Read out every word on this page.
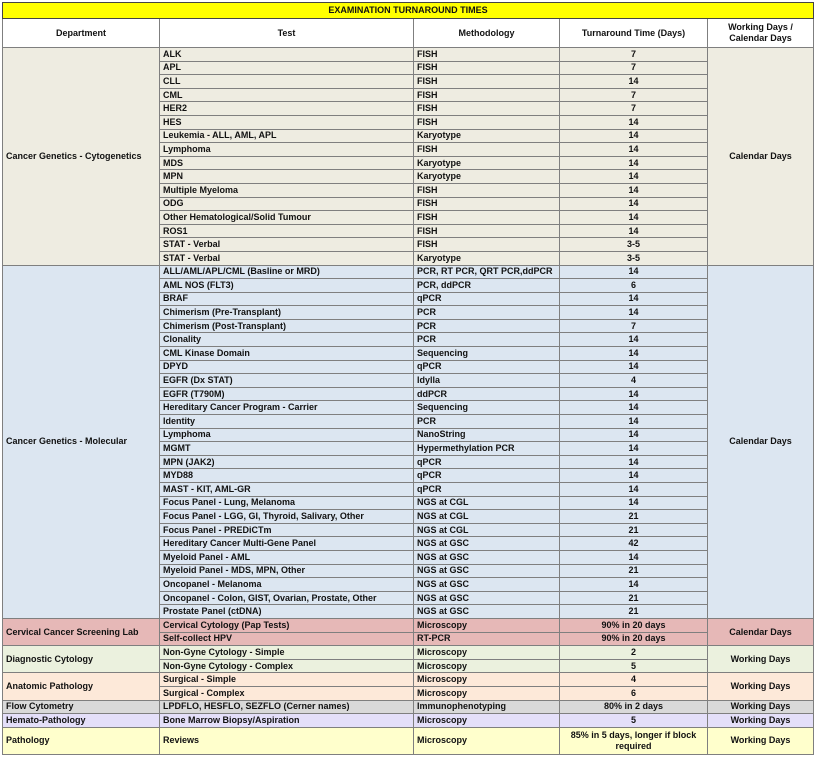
EXAMINATION TURNAROUND TIMES				
Department	Test	Methodology	Turnaround Time (Days)	Working Days / Calendar Days
Cancer Genetics - Cytogenetics	ALK	FISH	7	Calendar Days
	APL	FISH	7	
	CLL	FISH	14	
	CML	FISH	7	
	HER2	FISH	7	
	HES	FISH	14	
	Leukemia - ALL, AML, APL	Karyotype	14	
	Lymphoma	FISH	14	
	MDS	Karyotype	14	
	MPN	Karyotype	14	
	Multiple Myeloma	FISH	14	
	ODG	FISH	14	
	Other Hematological/Solid Tumour	FISH	14	
	ROS1	FISH	14	
	STAT - Verbal	FISH	3-5	
	STAT - Verbal	Karyotype	3-5	
Cancer Genetics - Molecular	ALL/AML/APL/CML (Basline or MRD)	PCR, RT PCR, QRT PCR,ddPCR	14	Calendar Days
	AML NOS (FLT3)	PCR, ddPCR	6	
	BRAF	qPCR	14	
	Chimerism (Pre-Transplant)	PCR	14	
	Chimerism (Post-Transplant)	PCR	7	
	Clonality	PCR	14	
	CML Kinase Domain	Sequencing	14	
	DPYD	qPCR	14	
	EGFR (Dx STAT)	Idylla	4	
	EGFR (T790M)	ddPCR	14	
	Hereditary Cancer Program - Carrier	Sequencing	14	
	Identity	PCR	14	
	Lymphoma	NanoString	14	
	MGMT	Hypermethylation PCR	14	
	MPN (JAK2)	qPCR	14	
	MYD88	qPCR	14	
	MAST - KIT, AML-GR	qPCR	14	
	Focus Panel - Lung, Melanoma	NGS at CGL	14	
	Focus Panel - LGG, GI, Thyroid, Salivary, Other	NGS at CGL	21	
	Focus Panel - PREDiCTm	NGS at CGL	21	
	Hereditary Cancer Multi-Gene Panel	NGS at GSC	42	
	Myeloid Panel - AML	NGS at GSC	14	
	Myeloid Panel - MDS, MPN, Other	NGS at GSC	21	
	Oncopanel - Melanoma	NGS at GSC	14	
	Oncopanel - Colon, GIST, Ovarian, Prostate, Other	NGS at GSC	21	
	Prostate Panel (ctDNA)	NGS at GSC	21	
Cervical Cancer Screening Lab	Cervical Cytology (Pap Tests)	Microscopy	90% in 20 days	Calendar Days
	Self-collect HPV	RT-PCR	90% in 20 days	
Diagnostic Cytology	Non-Gyne Cytology - Simple	Microscopy	2	Working Days
	Non-Gyne Cytology - Complex	Microscopy	5	
Anatomic Pathology	Surgical - Simple	Microscopy	4	Working Days
	Surgical - Complex	Microscopy	6	
Flow Cytometry	LPDFLO, HESFLO, SEZFLO (Cerner names)	Immunophenotyping	80% in 2 days	Working Days
Hemato-Pathology	Bone Marrow Biopsy/Aspiration	Microscopy	5	Working Days
Pathology	Reviews	Microscopy	85% in 5 days, longer if block required	Working Days
